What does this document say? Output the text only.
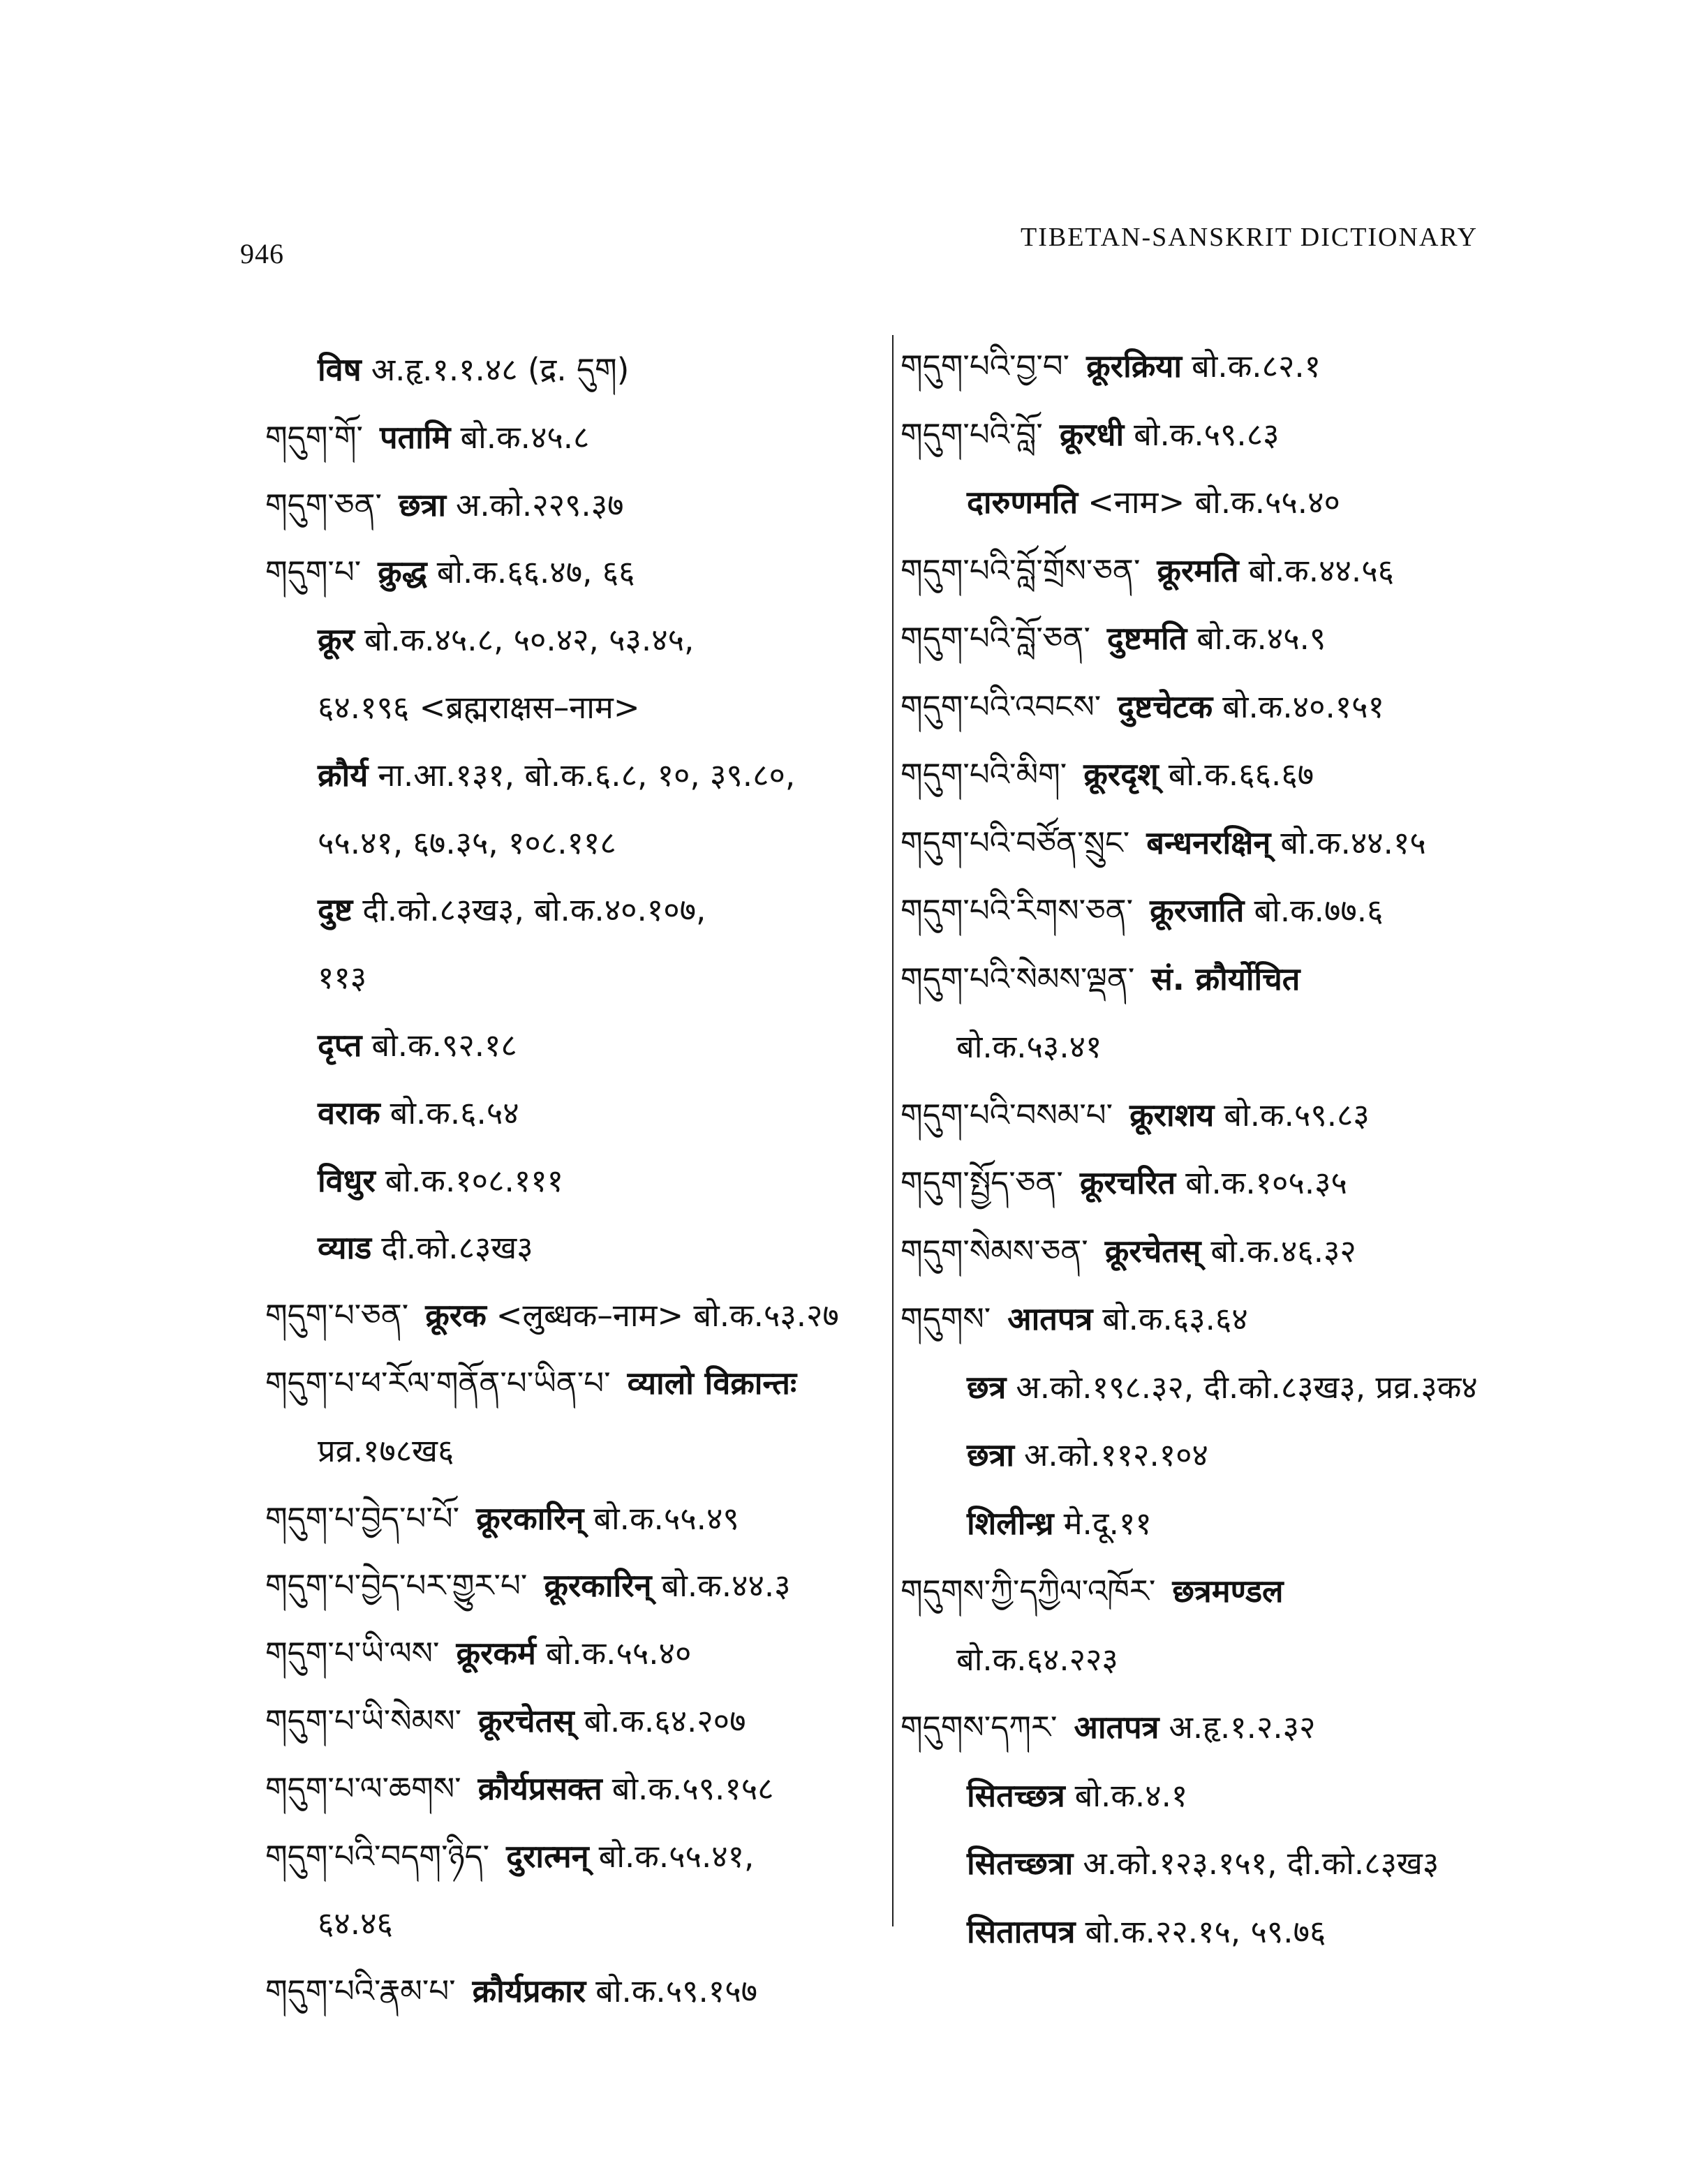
946
TIBETAN-SANSKRIT DICTIONARY
विष अ.हृ.१.१.४८ (द्र. དུག)
གདུག་གོ་ पतामि बो.क.४५.८
གདུག་ཅན་ छत्रा अ.को.२२९.३७
གདུག་པ་ क्रुद्ध बो.क.६६.४७, ६६
क्रूर बो.क.४५.८, ५०.४२, ५३.४५,
६४.१९६ <ब्रह्मराक्षस–नाम>
क्रौर्य ना.आ.१३१, बो.क.६.८, १०, ३९.८०,
५५.४१, ६७.३५, १०८.११८
दुष्ट दी.को.८३ख३, बो.क.४०.१०७,
११३
दृप्त बो.क.९२.१८
वराक बो.क.६.५४
विधुर बो.क.१०८.१११
व्याड दी.को.८३ख३
གདུག་པ་ཅན་ क्रूरक <लुब्धक–नाम> बो.क.५३.२७
གདུག་པ་ཕ་རོལ་གནོན་པ་ཡིན་པ་ व्यालो विक्रान्तः
प्रव्र.१७८ख६
གདུག་པ་བྱེད་པ་པོ་ क्रूरकारिन् बो.क.५५.४९
གདུག་པ་བྱེད་པར་གྱུར་པ་ क्रूरकारिन् बो.क.४४.३
གདུག་པ་ཡི་ལས་ क्रूरकर्म बो.क.५५.४०
གདུག་པ་ཡི་སེམས་ क्रूरचेतस् बो.क.६४.२०७
གདུག་པ་ལ་ཆགས་ क्रौर्यप्रसक्त बो.क.५९.१५८
གདུག་པའི་བདག་ཉིད་ दुरात्मन् बो.क.५५.४१,
६४.४६
གདུག་པའི་རྣམ་པ་ क्रौर्यप्रकार बो.क.५९.१५७
གདུག་པའི་བྱ་བ་ क्रूरक्रिया बो.क.८२.१
གདུག་པའི་བློ་ क्रूरधी बो.क.५९.८३
दारुणमति <नाम> बो.क.५५.४०
གདུག་པའི་བློ་གྲོས་ཅན་ क्रूरमति बो.क.४४.५६
གདུག་པའི་བློ་ཅན་ दुष्टमति बो.क.४५.९
གདུག་པའི་འབངས་ दुष्टचेटक बो.क.४०.१५१
གདུག་པའི་མིག་ क्रूरदृश् बो.क.६६.६७
གདུག་པའི་བཙོན་སྲུང་ बन्धनरक्षिन् बो.क.४४.१५
གདུག་པའི་རིགས་ཅན་ क्रूरजाति बो.क.७७.६
གདུག་པའི་སེམས་ལྡན་ सं. क्रौर्योचित
बो.क.५३.४१
གདུག་པའི་བསམ་པ་ क्रूराशय बो.क.५९.८३
གདུག་སྤྱོད་ཅན་ क्रूरचरित बो.क.१०५.३५
གདུག་སེམས་ཅན་ क्रूरचेतस् बो.क.४६.३२
གདུགས་ आतपत्र बो.क.६३.६४
छत्र अ.को.१९८.३२, दी.को.८३ख३, प्रव्र.३क४
छत्रा अ.को.११२.१०४
शिलीन्ध्र मे.दू.११
གདུགས་ཀྱི་དཀྱིལ་འཁོར་ छत्रमण्डल
बो.क.६४.२२३
གདུགས་དཀར་ आतपत्र अ.हृ.१.२.३२
सितच्छत्र बो.क.४.१
सितच्छत्रा अ.को.१२३.१५१, दी.को.८३ख३
सितातपत्र बो.क.२२.१५, ५९.७६
